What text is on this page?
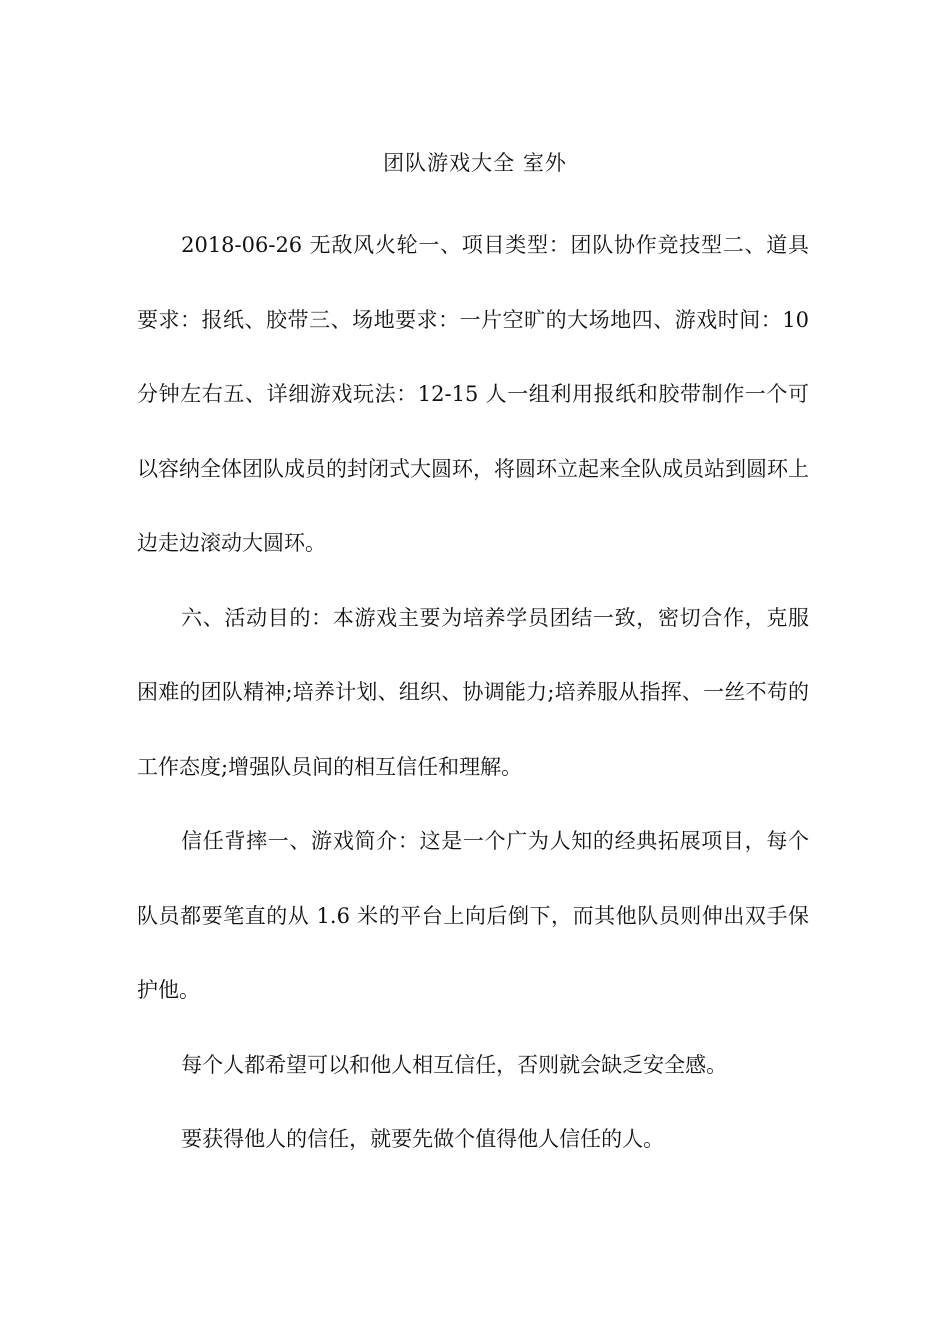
团队游戏大全 室外

2018-06-26 无敌风火轮一、项目类型：团队协作竞技型二、道具要求：报纸、胶带三、场地要求：一片空旷的大场地四、游戏时间：10 分钟左右五、详细游戏玩法：12-15 人一组利用报纸和胶带制作一个可以容纳全体团队成员的封闭式大圆环，将圆环立起来全队成员站到圆环上边走边滚动大圆环。

六、活动目的：本游戏主要为培养学员团结一致，密切合作，克服困难的团队精神;培养计划、组织、协调能力;培养服从指挥、一丝不苟的工作态度;增强队员间的相互信任和理解。

信任背摔一、游戏简介：这是一个广为人知的经典拓展项目，每个队员都要笔直的从 1.6 米的平台上向后倒下，而其他队员则伸出双手保护他。

每个人都希望可以和他人相互信任，否则就会缺乏安全感。

要获得他人的信任，就要先做个值得他人信任的人。
